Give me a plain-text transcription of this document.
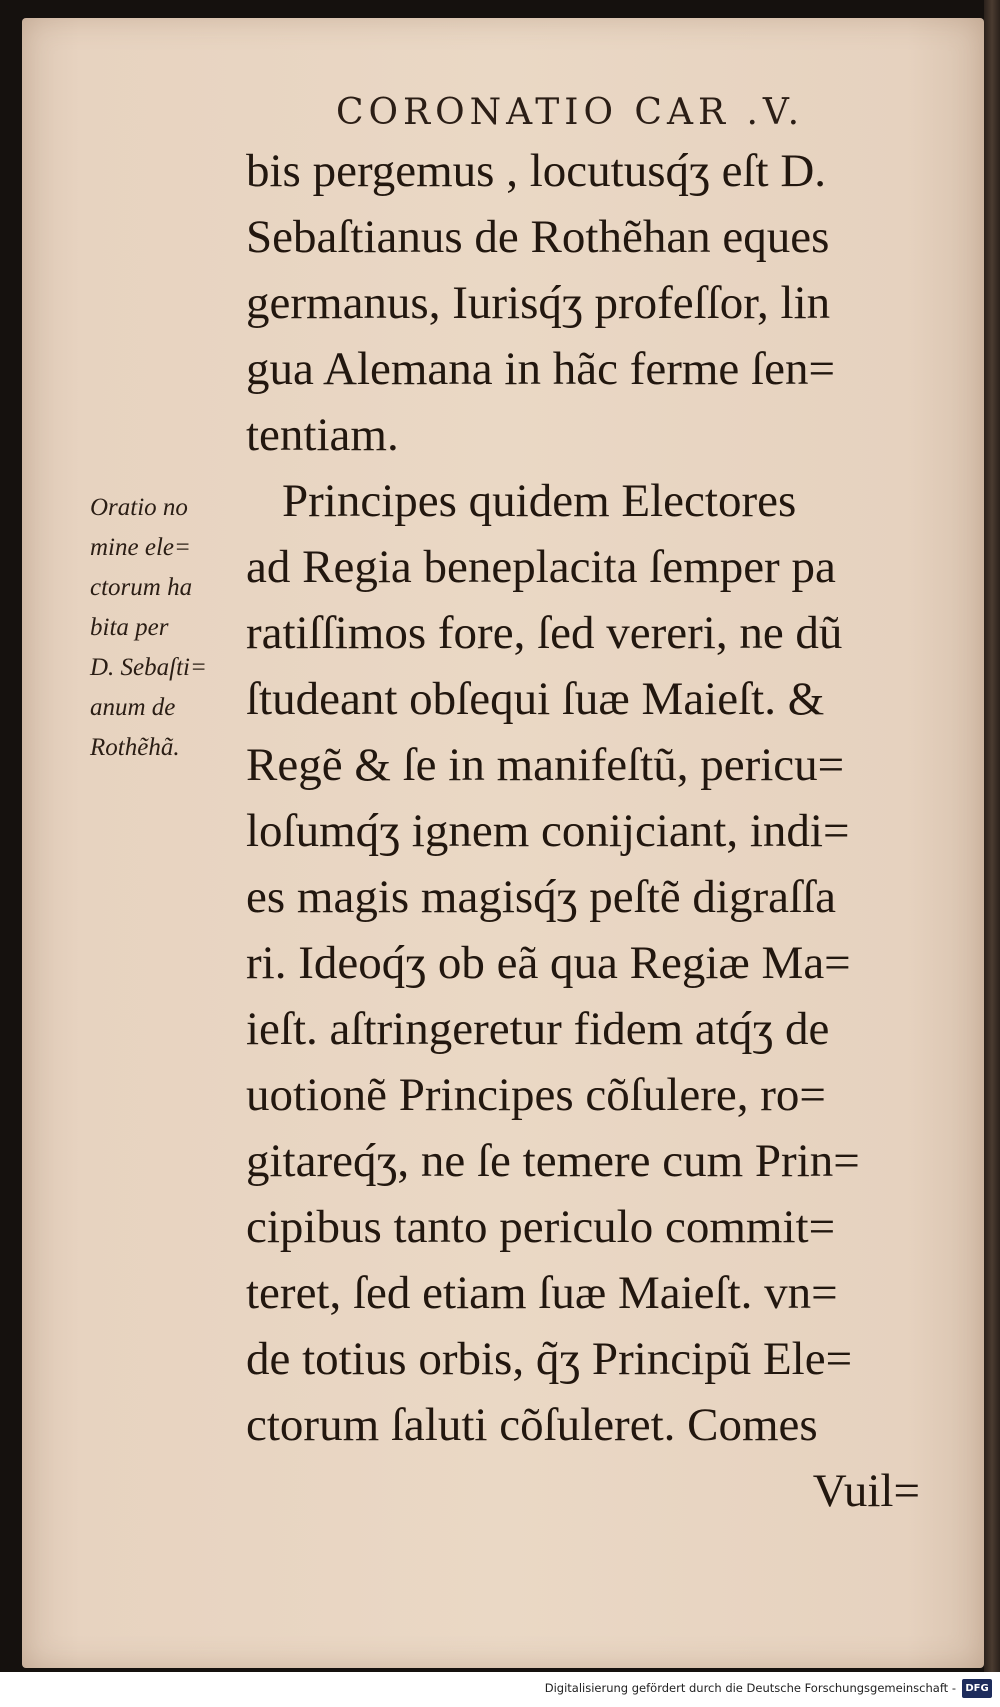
CORONATIO CAR .V.
bis pergemus , locutusq́ʒ eſt D.
Sebaſtianus de Rothẽhan eques
germanus, Iurisq́ʒ profeſſor, lin
gua Alemana in hãc ferme ſen=
tentiam.
Principes quidem Electores
ad Regia beneplacita ſemper pa
ratiſſimos fore, ſed vereri, ne dũ
ſtudeant obſequi ſuæ Maieſt. &
Regẽ & ſe in manifeſtũ, pericu=
loſumq́ʒ ignem conijciant, indi=
es magis magisq́ʒ peſtẽ digraſſa
ri. Ideoq́ʒ ob eã qua Regiæ Ma=
ieſt. aſtringeretur fidem atq́ʒ de
uotionẽ Principes cõſulere, ro=
gitareq́ʒ, ne ſe temere cum Prin=
cipibus tanto periculo commit=
teret, ſed etiam ſuæ Maieſt. vn=
de totius orbis, q̃ʒ Principũ Ele=
ctorum ſaluti cõſuleret. Comes
Vuil=
Oratio no
mine ele=
ctorum ha
bita per
D. Sebaſti=
anum de
Rothẽhã.
Digitalisierung gefördert durch die Deutsche Forschungsgemeinschaft - DFG
